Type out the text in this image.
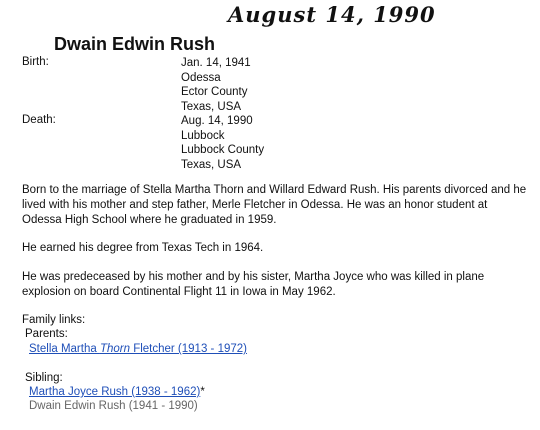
August 14, 1990
Dwain Edwin Rush
Birth:	Jan. 14, 1941
Odessa
Ector County
Texas, USA
Death:	Aug. 14, 1990
Lubbock
Lubbock County
Texas, USA
Born to the marriage of Stella Martha Thorn and Willard Edward Rush. His parents divorced and he lived with his mother and step father, Merle Fletcher in Odessa. He was an honor student at Odessa High School where he graduated in 1959.
He earned his degree from Texas Tech in 1964.
He was predeceased by his mother and by his sister, Martha Joyce who was killed in plane explosion on board Continental Flight 11 in Iowa in May 1962.
Family links:
Parents:
Stella Martha Thorn Fletcher (1913 - 1972)
Sibling:
Martha Joyce Rush (1938 - 1962)*
Dwain Edwin Rush (1941 - 1990)
